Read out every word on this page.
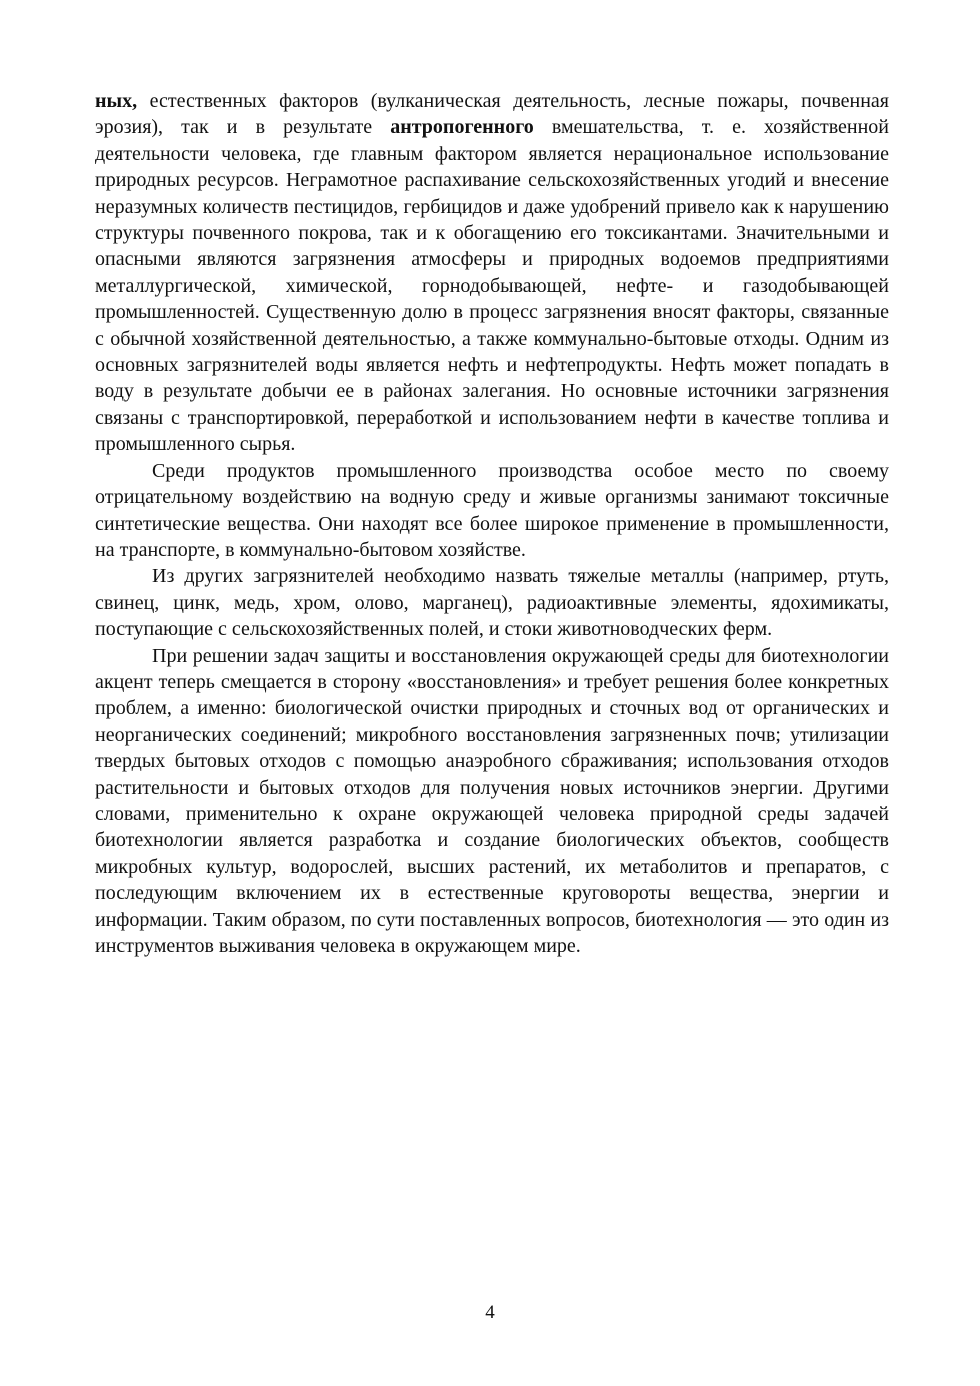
ных, естественных факторов (вулканическая деятельность, лесные пожары, почвенная эрозия), так и в результате антропогенного вмешательства, т. е. хозяйственной деятельности человека, где главным фактором является нерациональное использование природных ресурсов. Неграмотное распахивание сельскохозяйственных угодий и внесение неразумных количеств пестицидов, гербицидов и даже удобрений привело как к нарушению структуры почвенного покрова, так и к обогащению его токсикантами. Значительными и опасными являются загрязнения атмосферы и природных водоемов предприятиями металлургической, химической, горнодобывающей, нефте- и газодобывающей промышленностей. Существенную долю в процесс загрязнения вносят факторы, связанные с обычной хозяйственной деятельностью, а также коммунально-бытовые отходы. Одним из основных загрязнителей воды является нефть и нефтепродукты. Нефть может попадать в воду в результате добычи ее в районах залегания. Но основные источники загрязнения связаны с транспортировкой, переработкой и использованием нефти в качестве топлива и промышленного сырья.

Среди продуктов промышленного производства особое место по своему отрицательному воздействию на водную среду и живые организмы занимают токсичные синтетические вещества. Они находят все более широкое применение в промышленности, на транспорте, в коммунально-бытовом хозяйстве.

Из других загрязнителей необходимо назвать тяжелые металлы (например, ртуть, свинец, цинк, медь, хром, олово, марганец), радиоактивные элементы, ядохимикаты, поступающие с сельскохозяйственных полей, и стоки животноводческих ферм.

При решении задач защиты и восстановления окружающей среды для биотехнологии акцент теперь смещается в сторону «восстановления» и требует решения более конкретных проблем, а именно: биологической очистки природных и сточных вод от органических и неорганических соединений; микробного восстановления загрязненных почв; утилизации твердых бытовых отходов с помощью анаэробного сбраживания; использования отходов растительности и бытовых отходов для получения новых источников энергии. Другими словами, применительно к охране окружающей человека природной среды задачей биотехнологии является разработка и создание биологических объектов, сообществ микробных культур, водорослей, высших растений, их метаболитов и препаратов, с последующим включением их в естественные круговороты вещества, энергии и информации. Таким образом, по сути поставленных вопросов, биотехнология — это один из инструментов выживания человека в окружающем мире.

4
